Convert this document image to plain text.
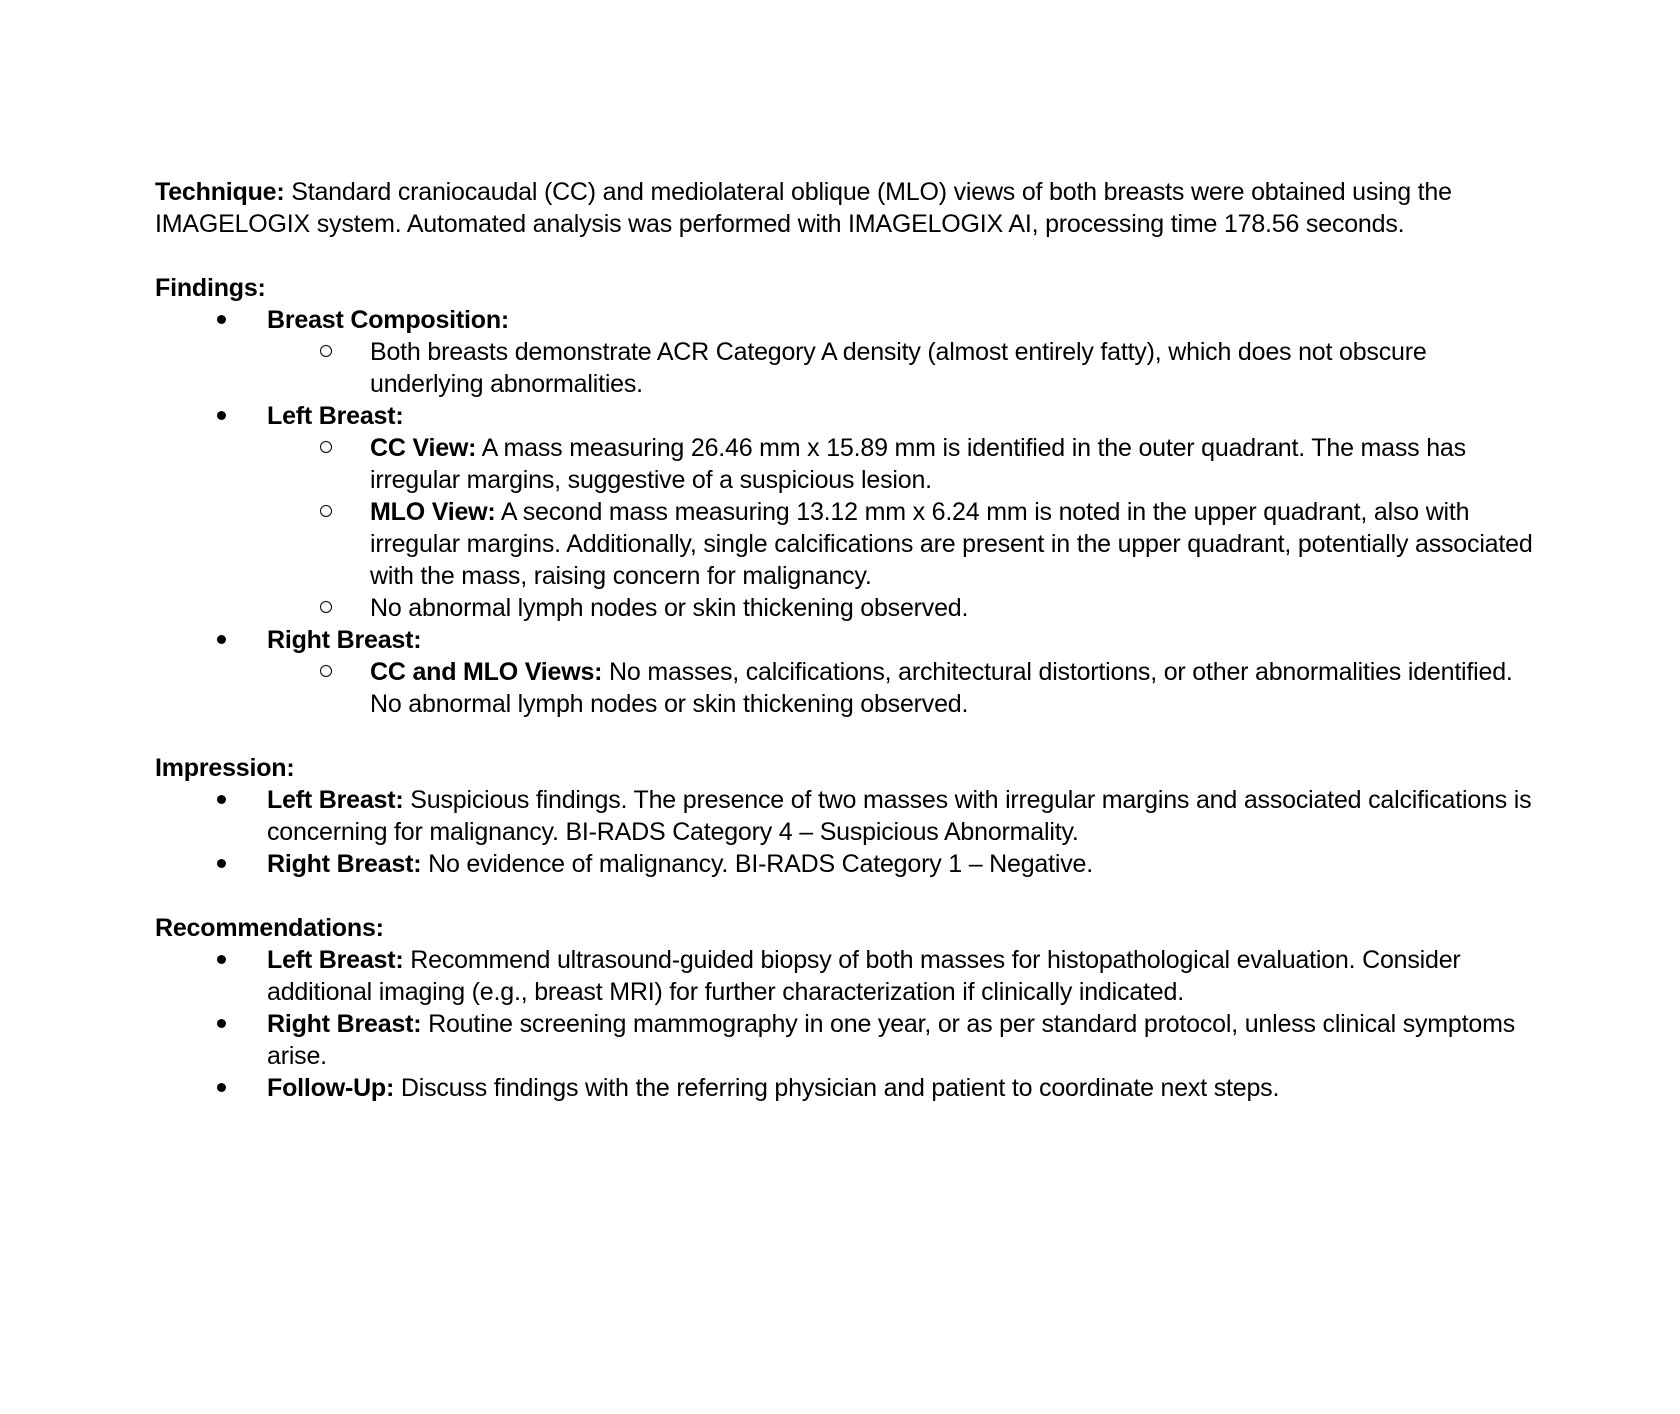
Technique: Standard craniocaudal (CC) and mediolateral oblique (MLO) views of both breasts were obtained using the IMAGELOGIX system. Automated analysis was performed with IMAGELOGIX AI, processing time 178.56 seconds.

Findings:
Breast Composition:
Both breasts demonstrate ACR Category A density (almost entirely fatty), which does not obscure underlying abnormalities.
Left Breast:
CC View: A mass measuring 26.46 mm x 15.89 mm is identified in the outer quadrant. The mass has irregular margins, suggestive of a suspicious lesion.
MLO View: A second mass measuring 13.12 mm x 6.24 mm is noted in the upper quadrant, also with irregular margins. Additionally, single calcifications are present in the upper quadrant, potentially associated with the mass, raising concern for malignancy.
No abnormal lymph nodes or skin thickening observed.
Right Breast:
CC and MLO Views: No masses, calcifications, architectural distortions, or other abnormalities identified. No abnormal lymph nodes or skin thickening observed.
Impression:
Left Breast: Suspicious findings. The presence of two masses with irregular margins and associated calcifications is concerning for malignancy. BI-RADS Category 4 – Suspicious Abnormality.
Right Breast: No evidence of malignancy. BI-RADS Category 1 – Negative.
Recommendations:
Left Breast: Recommend ultrasound-guided biopsy of both masses for histopathological evaluation. Consider additional imaging (e.g., breast MRI) for further characterization if clinically indicated.
Right Breast: Routine screening mammography in one year, or as per standard protocol, unless clinical symptoms arise.
Follow-Up: Discuss findings with the referring physician and patient to coordinate next steps.
